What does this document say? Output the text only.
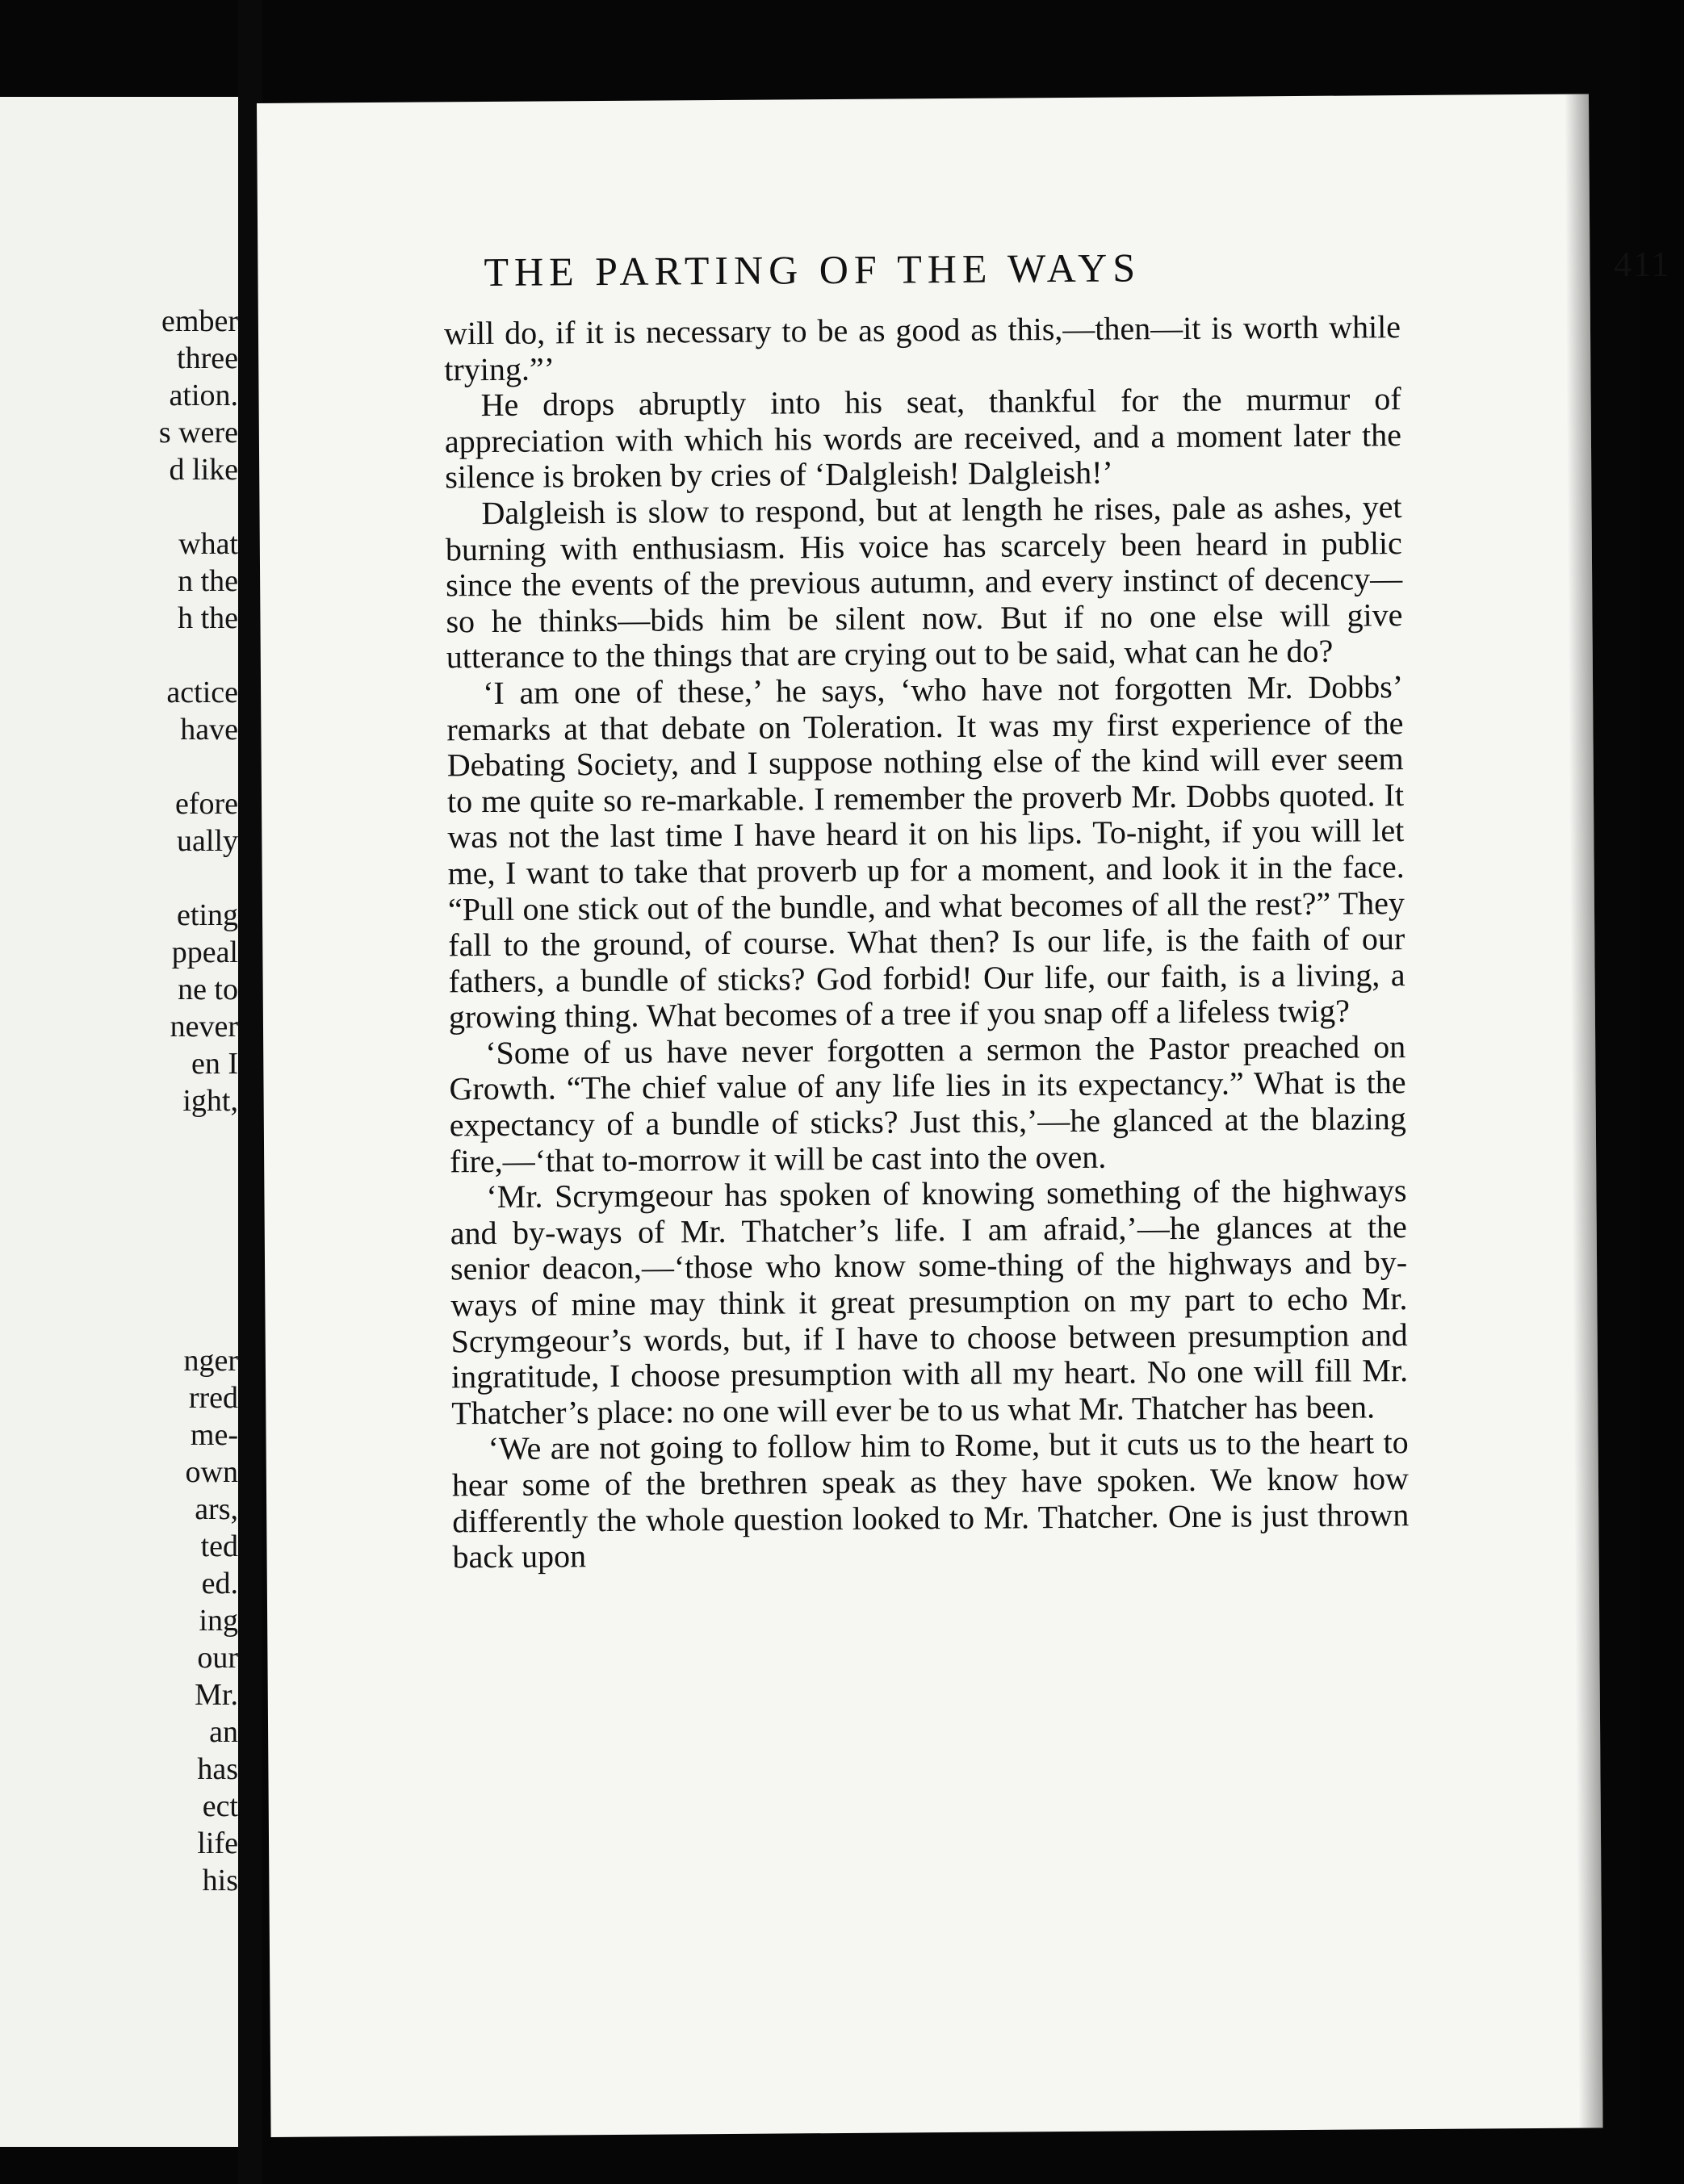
ember
three
ation.
s were
d like
what
n the
h the
actice
have
efore
ually
eting
ppeal
ne to
never
en I
ight,
nger
rred
me-
own
ars,
ted
ed.
ing
our
Mr.
an
has
ect
life
his
THE PARTING OF THE WAYS	411

will do, if it is necessary to be as good as this,—then—it is worth while trying.”’

He drops abruptly into his seat, thankful for the murmur of appreciation with which his words are received, and a moment later the silence is broken by cries of ‘Dalgleish! Dalgleish!’

Dalgleish is slow to respond, but at length he rises, pale as ashes, yet burning with enthusiasm. His voice has scarcely been heard in public since the events of the previous autumn, and every instinct of decency—so he thinks—bids him be silent now. But if no one else will give utterance to the things that are crying out to be said, what can he do?

‘I am one of these,’ he says, ‘who have not forgotten Mr. Dobbs’ remarks at that debate on Toleration. It was my first experience of the Debating Society, and I suppose nothing else of the kind will ever seem to me quite so re-markable. I remember the proverb Mr. Dobbs quoted. It was not the last time I have heard it on his lips. To-night, if you will let me, I want to take that proverb up for a moment, and look it in the face. “Pull one stick out of the bundle, and what becomes of all the rest?” They fall to the ground, of course. What then? Is our life, is the faith of our fathers, a bundle of sticks? God forbid! Our life, our faith, is a living, a growing thing. What becomes of a tree if you snap off a lifeless twig?

‘Some of us have never forgotten a sermon the Pastor preached on Growth. “The chief value of any life lies in its expectancy.” What is the expectancy of a bundle of sticks? Just this,’—he glanced at the blazing fire,—‘that to-morrow it will be cast into the oven.

‘Mr. Scrymgeour has spoken of knowing something of the highways and by-ways of Mr. Thatcher’s life. I am afraid,’—he glances at the senior deacon,—‘those who know some-thing of the highways and by-ways of mine may think it great presumption on my part to echo Mr. Scrymgeour’s words, but, if I have to choose between presumption and ingratitude, I choose presumption with all my heart. No one will fill Mr. Thatcher’s place: no one will ever be to us what Mr. Thatcher has been.

‘We are not going to follow him to Rome, but it cuts us to the heart to hear some of the brethren speak as they have spoken. We know how differently the whole question looked to Mr. Thatcher. One is just thrown back upon
